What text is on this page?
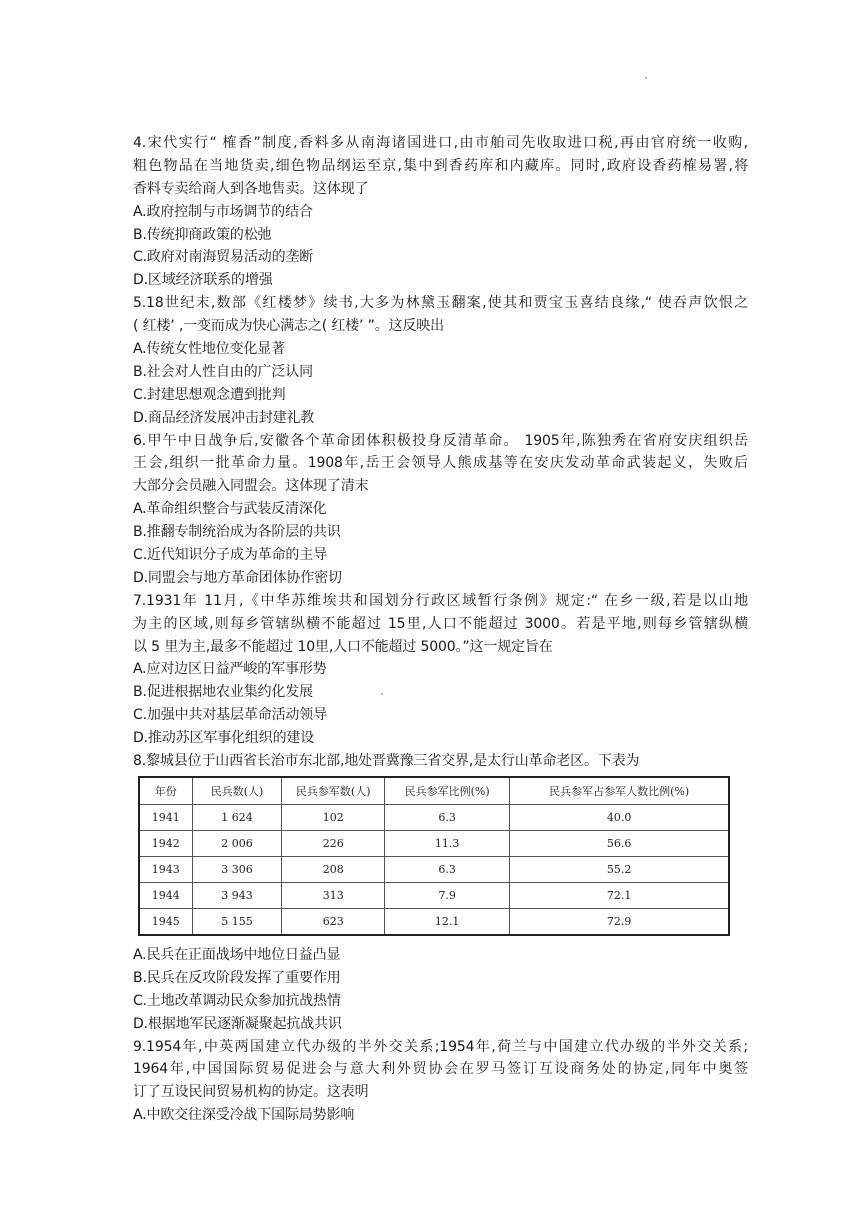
4.宋代实行“ 榷香”制度,香料多从南海诸国进口,由市舶司先收取进口税,再由官府统一收购,
粗色物品在当地货卖,细色物品纲运至京,集中到香药库和内藏库。同时,政府设香药榷易署,将
香料专卖给商人到各地售卖。这体现了
A.政府控制与市场调节的结合
B.传统抑商政策的松弛
C.政府对南海贸易活动的垄断
D.区域经济联系的增强
5.18世纪末,数部《红楼梦》续书,大多为林黛玉翻案,使其和贾宝玉喜结良缘,“ 使吞声饮恨之
( 红楼’ ,一变而成为快心满志之( 红楼’ ”。这反映出
A.传统女性地位变化显著
B.社会对人性自由的广泛认同
C.封建思想观念遭到批判
D.商品经济发展冲击封建礼教
6.甲午中日战争后,安徽各个革命团体积极投身反清革命。 1905年,陈独秀在省府安庆组织岳
王会,组织一批革命力量。1908年,岳王会领导人熊成基等在安庆发动革命武装起义，失败后
大部分会员融入同盟会。这体现了清末
A.革命组织整合与武装反清深化
B.推翻专制统治成为各阶层的共识
C.近代知识分子成为革命的主导
D.同盟会与地方革命团体协作密切
7.1931年 11月,《中华苏维埃共和国划分行政区域暂行条例》规定:“ 在乡一级,若是以山地
为主的区域,则每乡管辖纵横不能超过 15里,人口不能超过 3000。若是平地,则每乡管辖纵横
以 5 里为主,最多不能超过 10里,人口不能超过 5000。”这一规定旨在
A.应对边区日益严峻的军事形势
B.促进根据地农业集约化发展
C.加强中共对基层革命活动领导
D.推动苏区军事化组织的建设
8.黎城县位于山西省长治市东北部,地处晋冀豫三省交界,是太行山革命老区。下表为
年份	民兵数(人)	民兵参军数(人)	民兵参军比例(%)	民兵参军占参军人数比例(%)
1941	1 624	102	6.3	40.0
1942	2 006	226	11.3	56.6
1943	3 306	208	6.3	55.2
1944	3 943	313	7.9	72.1
1945	5 155	623	12.1	72.9
A.民兵在正面战场中地位日益凸显
B.民兵在反攻阶段发挥了重要作用
C.土地改革调动民众参加抗战热情
D.根据地军民逐渐凝聚起抗战共识
9.1954年,中英两国建立代办级的半外交关系;1954年,荷兰与中国建立代办级的半外交关系;
1964年,中国国际贸易促进会与意大利外贸协会在罗马签订互设商务处的协定,同年中奥签
订了互设民间贸易机构的协定。这表明
A.中欧交往深受冷战下国际局势影响
